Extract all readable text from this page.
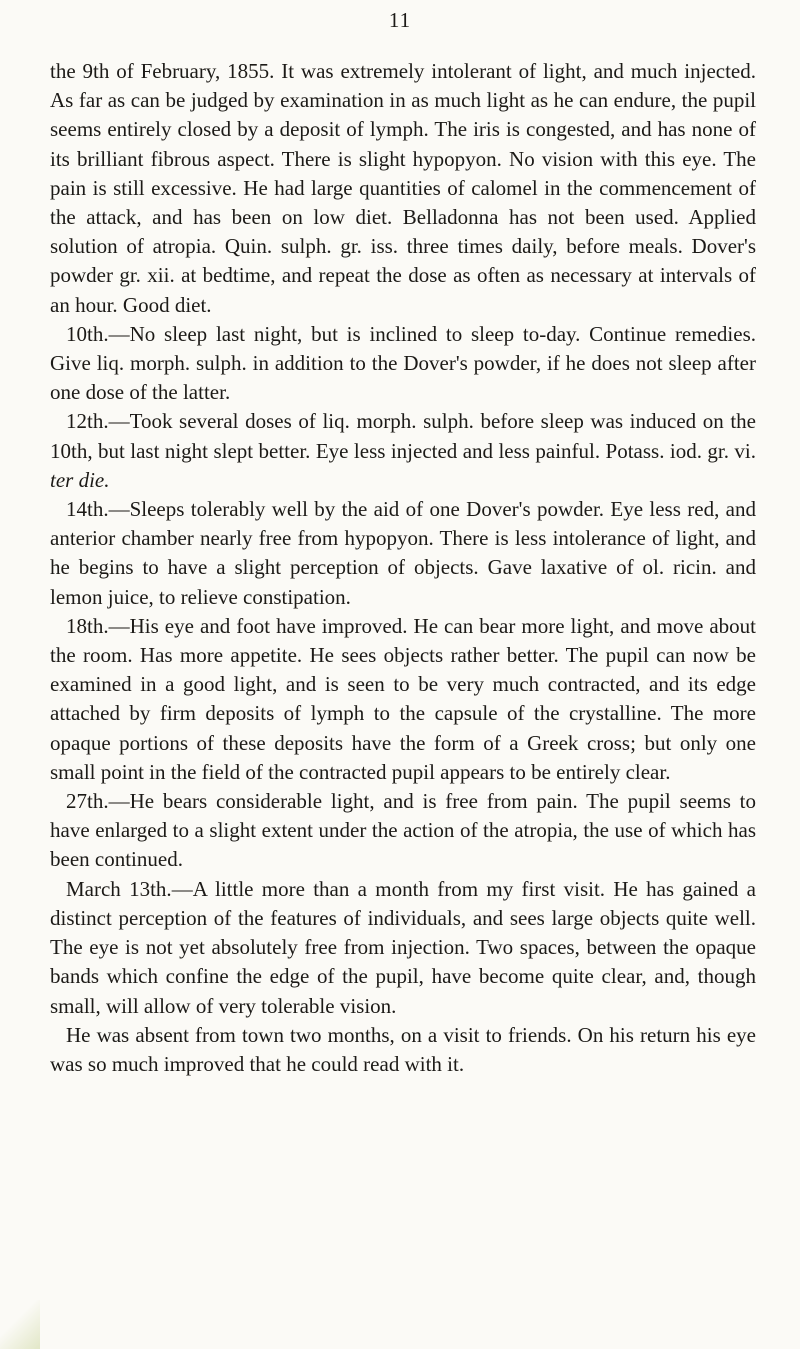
11

the 9th of February, 1855. It was extremely intolerant of light, and much injected. As far as can be judged by examination in as much light as he can endure, the pupil seems entirely closed by a deposit of lymph. The iris is congested, and has none of its brilliant fibrous aspect. There is slight hypopyon. No vision with this eye. The pain is still excessive. He had large quantities of calomel in the commencement of the attack, and has been on low diet. Belladonna has not been used. Applied solution of atropia. Quin. sulph. gr. iss. three times daily, before meals. Dover's powder gr. xii. at bedtime, and repeat the dose as often as necessary at intervals of an hour. Good diet.

10th.—No sleep last night, but is inclined to sleep to-day. Continue remedies. Give liq. morph. sulph. in addition to the Dover's powder, if he does not sleep after one dose of the latter.

12th.—Took several doses of liq. morph. sulph. before sleep was induced on the 10th, but last night slept better. Eye less injected and less painful. Potass. iod. gr. vi. ter die.

14th.—Sleeps tolerably well by the aid of one Dover's powder. Eye less red, and anterior chamber nearly free from hypopyon. There is less intolerance of light, and he begins to have a slight perception of objects. Gave laxative of ol. ricin. and lemon juice, to relieve constipation.

18th.—His eye and foot have improved. He can bear more light, and move about the room. Has more appetite. He sees objects rather better. The pupil can now be examined in a good light, and is seen to be very much contracted, and its edge attached by firm deposits of lymph to the capsule of the crystalline. The more opaque portions of these deposits have the form of a Greek cross; but only one small point in the field of the contracted pupil appears to be entirely clear.

27th.—He bears considerable light, and is free from pain. The pupil seems to have enlarged to a slight extent under the action of the atropia, the use of which has been continued.

March 13th.—A little more than a month from my first visit. He has gained a distinct perception of the features of individuals, and sees large objects quite well. The eye is not yet absolutely free from injection. Two spaces, between the opaque bands which confine the edge of the pupil, have become quite clear, and, though small, will allow of very tolerable vision.

He was absent from town two months, on a visit to friends. On his return his eye was so much improved that he could read with it.
